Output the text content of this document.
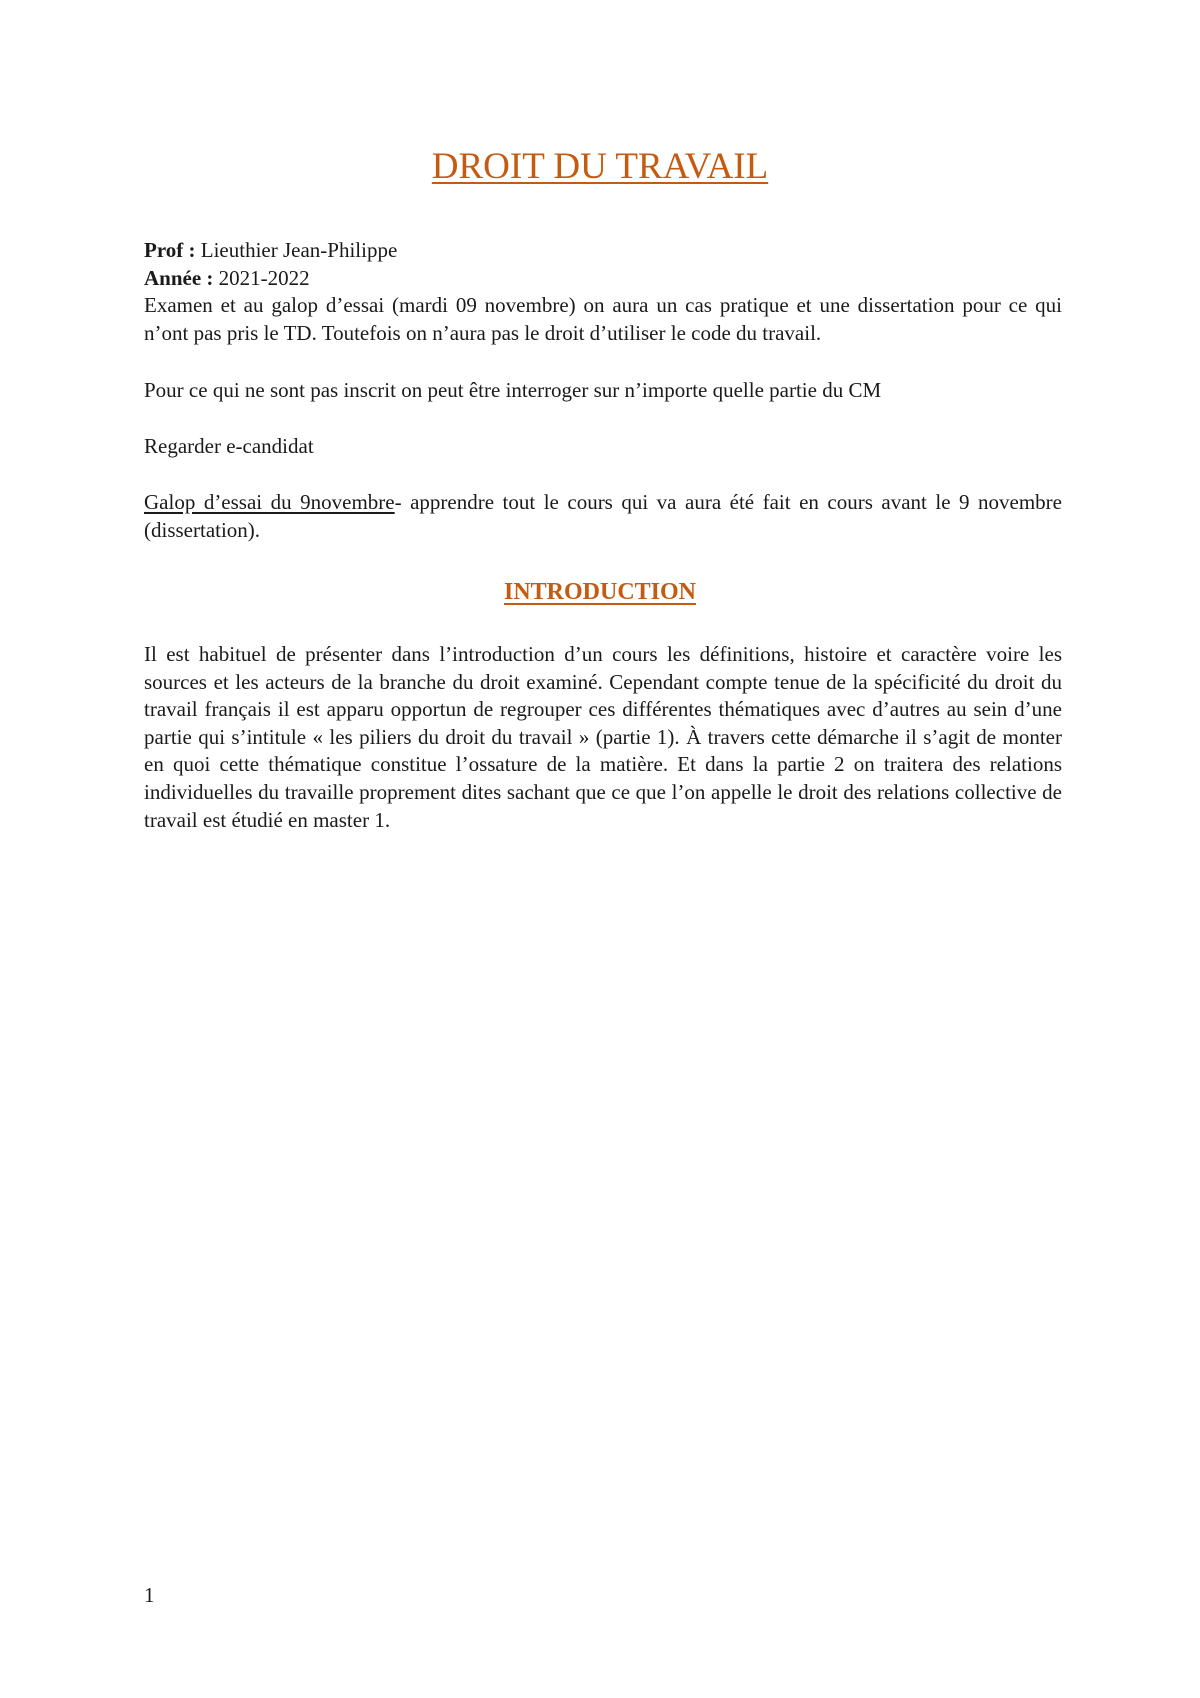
DROIT DU TRAVAIL

Prof : Lieuthier Jean-Philippe

Année : 2021-2022

Examen et au galop d’essai (mardi 09 novembre) on aura un cas pratique et une dissertation pour ce qui n’ont pas pris le TD. Toutefois on n’aura pas le droit d’utiliser le code du travail.

Pour ce qui ne sont pas inscrit on peut être interroger sur n’importe quelle partie du CM

Regarder e-candidat

Galop d’essai du 9novembre- apprendre tout le cours qui va aura été fait en cours avant le 9 novembre (dissertation).

INTRODUCTION

Il est habituel de présenter dans l’introduction d’un cours les définitions, histoire et caractère voire les sources et les acteurs de la branche du droit examiné. Cependant compte tenue de la spécificité du droit du travail français il est apparu opportun de regrouper ces différentes thématiques avec d’autres au sein d’une partie qui s’intitule « les piliers du droit du travail » (partie 1). À travers cette démarche il s’agit de monter en quoi cette thématique constitue l’ossature de la matière. Et dans la partie 2 on traitera des relations individuelles du travaille proprement dites sachant que ce que l’on appelle le droit des relations collective de travail est étudié en master 1.

1
